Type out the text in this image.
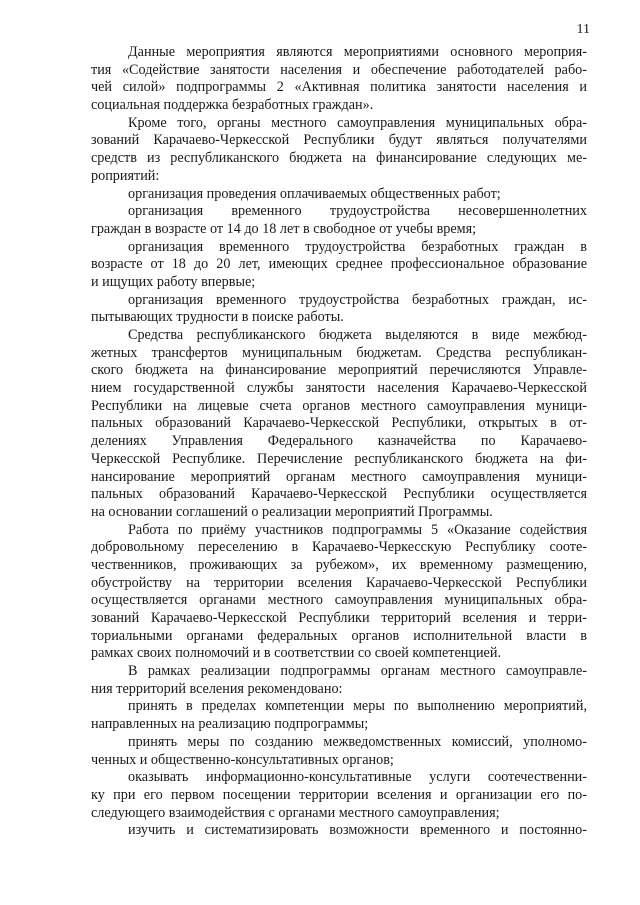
11
Данные мероприятия являются мероприятиями основного мероприя-
тия «Содействие занятости населения и обеспечение работодателей рабо-
чей силой» подпрограммы 2 «Активная политика занятости населения и
социальная поддержка безработных граждан».
Кроме того, органы местного самоуправления муниципальных обра-
зований Карачаево-Черкесской Республики будут являться получателями
средств из республиканского бюджета на финансирование следующих ме-
роприятий:
организация проведения оплачиваемых общественных работ;
организация временного трудоустройства несовершеннолетних
граждан в возрасте от 14 до 18 лет в свободное от учебы время;
организация временного трудоустройства безработных граждан в
возрасте от 18 до 20 лет, имеющих среднее профессиональное образование
и ищущих работу впервые;
организация временного трудоустройства безработных граждан, ис-
пытывающих трудности в поиске работы.
Средства республиканского бюджета выделяются в виде межбюд-
жетных трансфертов муниципальным бюджетам. Средства республикан-
ского бюджета на финансирование мероприятий перечисляются Управле-
нием государственной службы занятости населения Карачаево-Черкесской
Республики на лицевые счета органов местного самоуправления муници-
пальных образований Карачаево-Черкесской Республики, открытых в от-
делениях Управления Федерального казначейства по Карачаево-
Черкесской Республике. Перечисление республиканского бюджета на фи-
нансирование мероприятий органам местного самоуправления муници-
пальных образований Карачаево-Черкесской Республики осуществляется
на основании соглашений о реализации мероприятий Программы.
Работа по приёму участников подпрограммы 5 «Оказание содействия
добровольному переселению в Карачаево-Черкесскую Республику сооте-
чественников, проживающих за рубежом», их временному размещению,
обустройству на территории вселения Карачаево-Черкесской Республики
осуществляется органами местного самоуправления муниципальных обра-
зований Карачаево-Черкесской Республики территорий вселения и терри-
ториальными органами федеральных органов исполнительной власти в
рамках своих полномочий и в соответствии со своей компетенцией.
В рамках реализации подпрограммы органам местного самоуправле-
ния территорий вселения рекомендовано:
принять в пределах компетенции меры по выполнению мероприятий,
направленных на реализацию подпрограммы;
принять меры по созданию межведомственных комиссий, уполномо-
ченных и общественно-консультативных органов;
оказывать информационно-консультативные услуги соотечественни-
ку при его первом посещении территории вселения и организации его по-
следующего взаимодействия с органами местного самоуправления;
изучить и систематизировать возможности временного и постоянно-
